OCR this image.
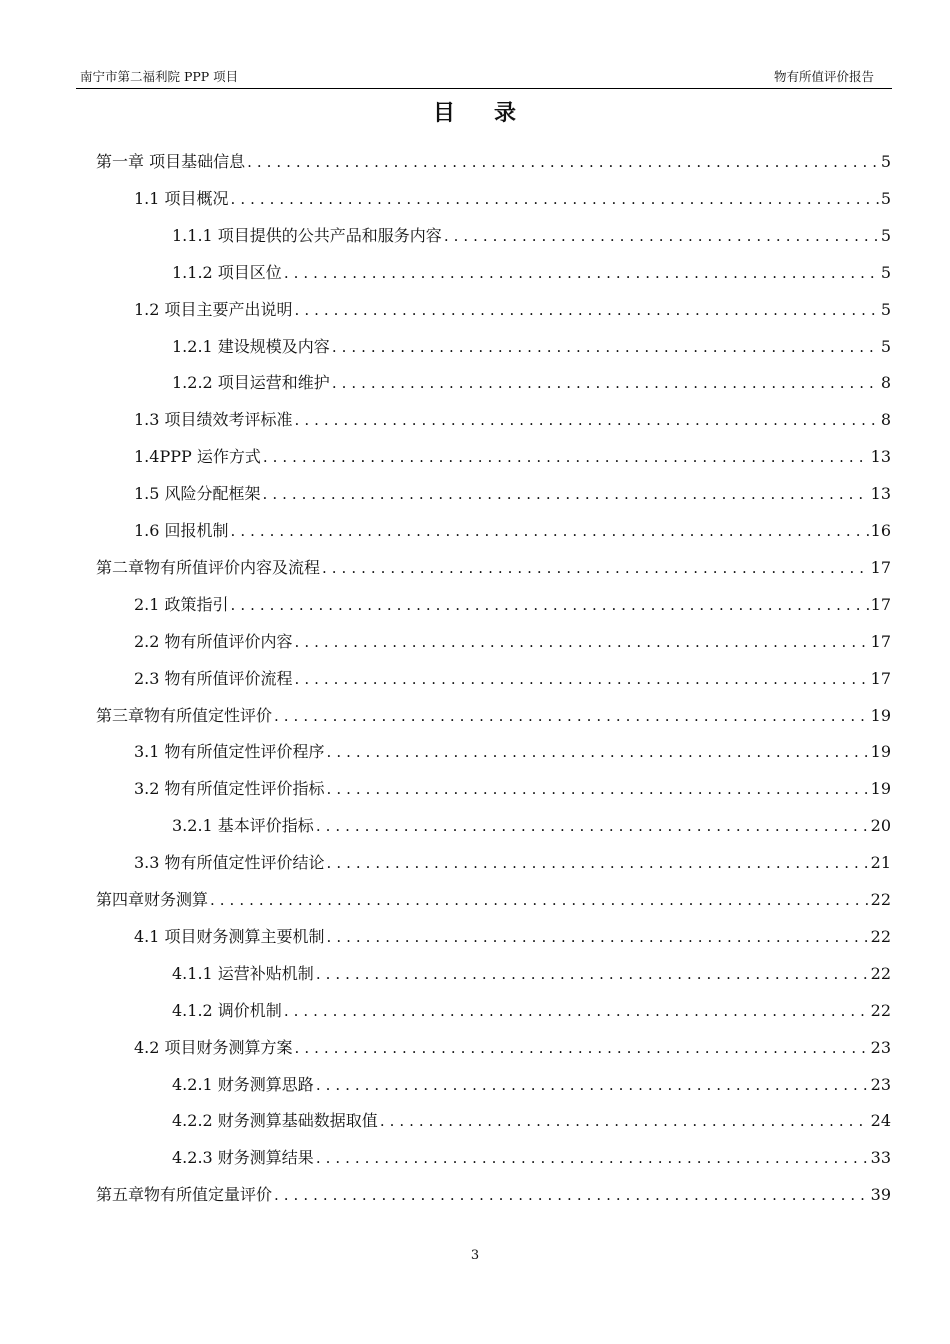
南宁市第二福利院 PPP 项目	物有所值评价报告
目 录
第一章 项目基础信息 .....	5
1.1 项目概况 .....	5
1.1.1 项目提供的公共产品和服务内容 .....	5
1.1.2 项目区位 .....	5
1.2 项目主要产出说明 .....	5
1.2.1 建设规模及内容 .....	5
1.2.2 项目运营和维护 .....	8
1.3 项目绩效考评标准 .....	8
1.4PPP 运作方式 .....	13
1.5 风险分配框架 .....	13
1.6 回报机制 .....	16
第二章物有所值评价内容及流程 .....	17
2.1 政策指引 .....	17
2.2 物有所值评价内容 .....	17
2.3 物有所值评价流程 .....	17
第三章物有所值定性评价 .....	19
3.1 物有所值定性评价程序 .....	19
3.2 物有所值定性评价指标 .....	19
3.2.1 基本评价指标 .....	20
3.3 物有所值定性评价结论 .....	21
第四章财务测算 .....	22
4.1 项目财务测算主要机制 .....	22
4.1.1 运营补贴机制 .....	22
4.1.2 调价机制 .....	22
4.2 项目财务测算方案 .....	23
4.2.1 财务测算思路 .....	23
4.2.2 财务测算基础数据取值 .....	24
4.2.3 财务测算结果 .....	33
第五章物有所值定量评价 .....	39
3
